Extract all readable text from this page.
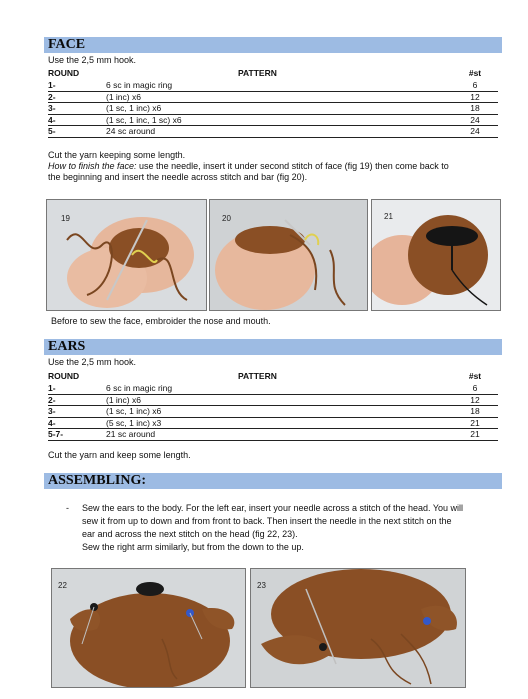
FACE
Use the 2,5 mm hook.
ROUND	PATTERN	#st
1-	6 sc in magic ring	6
2-	(1 inc) x6	12
3-	(1 sc, 1 inc) x6	18
4-	(1 sc, 1 inc, 1 sc) x6	24
5-	24 sc around	24
Cut the yarn keeping some length.
How to finish the face: use the needle, insert it under second stitch of face (fig 19) then come back to
the beginning and insert the needle across stitch and bar (fig 20).
19	20	21
Before to sew the face, embroider the nose and mouth.
EARS
Use the 2,5 mm hook.
ROUND	PATTERN	#st
1-	6 sc in magic ring	6
2-	(1 inc) x6	12
3-	(1 sc, 1 inc) x6	18
4-	(5 sc, 1 inc) x3	21
5-7-	21 sc around	21
Cut the yarn and keep some length.
ASSEMBLING:
- Sew the ears to the body. For the left ear, insert your needle across a stitch of the head. You will
sew it from up to down and from front to back. Then insert the needle in the next stitch on the
ear and across the next stitch on the head (fig 22, 23).
Sew the right arm similarly, but from the down to the up.
22	23
